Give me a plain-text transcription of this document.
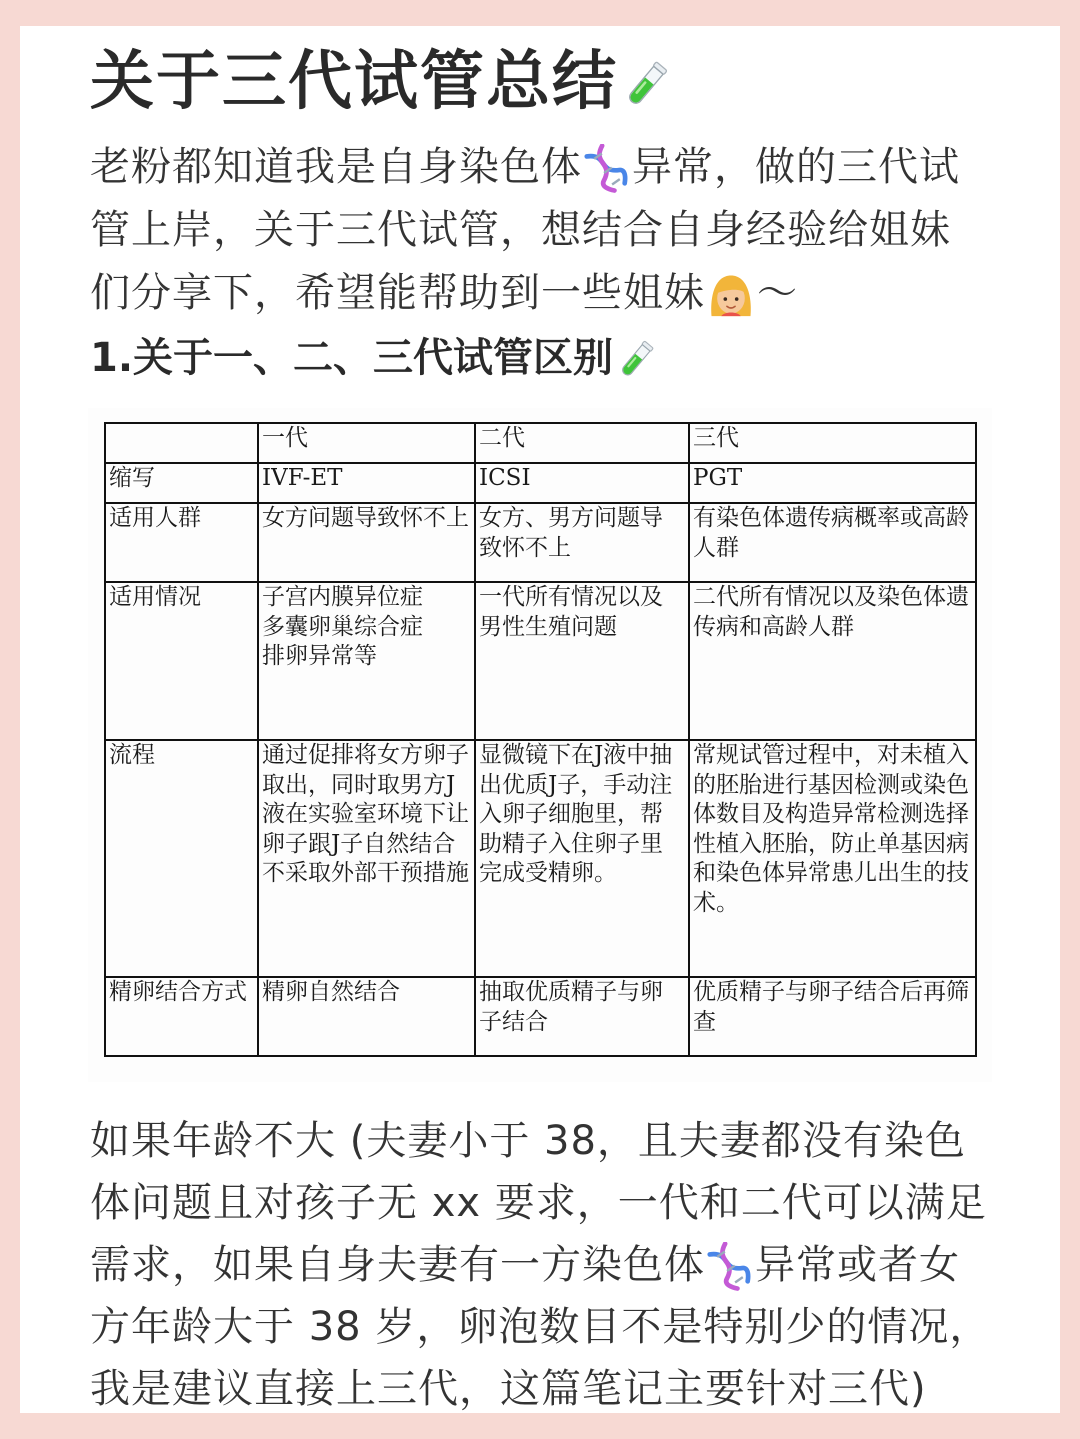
关于三代试管总结

老粉都知道我是自身染色体 异常，做的三代试

管上岸，关于三代试管，想结合自身经验给姐妹

们分享下，希望能帮助到一些姐妹 ～

1.关于一、二、三代试管区别

	一代	二代	三代

缩写	IVF-ET	ICSI	PGT

适用人群	女方问题导致怀不上	女方、男方问题导致怀不上	有染色体遗传病概率或高龄人群

适用情况	子宫内膜异位症
多囊卵巢综合症
排卵异常等	一代所有情况以及男性生殖问题	二代所有情况以及染色体遗传病和高龄人群

流程	通过促排将女方卵子取出，同时取男方J液在实验室环境下让卵子跟J子自然结合不采取外部干预措施	显微镜下在J液中抽出优质J子，手动注入卵子细胞里，帮助精子入住卵子里完成受精卵。	常规试管过程中，对未植入的胚胎进行基因检测或染色体数目及构造异常检测选择性植入胚胎，防止单基因病和染色体异常患儿出生的技术。

精卵结合方式	精卵自然结合	抽取优质精子与卵子结合	优质精子与卵子结合后再筛查

如果年龄不大 (夫妻小于 38，且夫妻都没有染色

体问题且对孩子无 xx 要求，一代和二代可以满足

需求，如果自身夫妻有一方染色体 异常或者女

方年龄大于 38 岁，卵泡数目不是特别少的情况，

我是建议直接上三代，这篇笔记主要针对三代)
